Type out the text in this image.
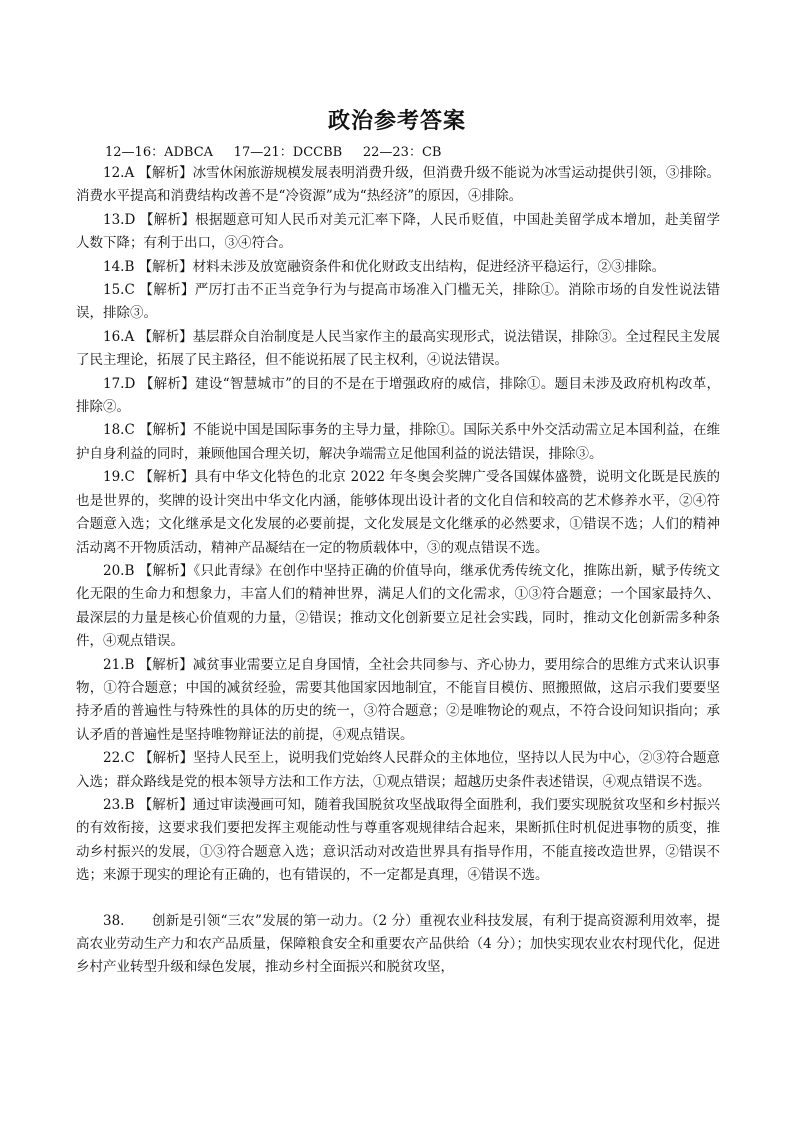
政治参考答案
12—16：ADBCA     17—21：DCCBB     22—23：CB

12.A 【解析】冰雪休闲旅游规模发展表明消费升级，但消费升级不能说为冰雪运动提供引领，③排除。消费水平提高和消费结构改善不是“冷资源”成为“热经济”的原因，④排除。

13.D 【解析】根据题意可知人民币对美元汇率下降，人民币贬值，中国赴美留学成本增加，赴美留学人数下降；有利于出口，③④符合。

14.B 【解析】材料未涉及放宽融资条件和优化财政支出结构，促进经济平稳运行，②③排除。

15.C 【解析】严厉打击不正当竞争行为与提高市场准入门槛无关，排除①。消除市场的自发性说法错误，排除③。

16.A 【解析】基层群众自治制度是人民当家作主的最高实现形式，说法错误，排除③。全过程民主发展了民主理论，拓展了民主路径，但不能说拓展了民主权利，④说法错误。

17.D 【解析】建设“智慧城市”的目的不是在于增强政府的威信，排除①。题目未涉及政府机构改革，排除②。

18.C 【解析】不能说中国是国际事务的主导力量，排除①。国际关系中外交活动需立足本国利益，在维护自身利益的同时，兼顾他国合理关切，解决争端需立足他国利益的说法错误，排除③。

19.C 【解析】具有中华文化特色的北京 2022 年冬奥会奖牌广受各国媒体盛赞，说明文化既是民族的也是世界的，奖牌的设计突出中华文化内涵，能够体现出设计者的文化自信和较高的艺术修养水平，②④符合题意入选；文化继承是文化发展的必要前提，文化发展是文化继承的必然要求，①错误不选；人们的精神活动离不开物质活动，精神产品凝结在一定的物质载体中，③的观点错误不选。

20.B 【解析】《只此青绿》在创作中坚持正确的价值导向，继承优秀传统文化，推陈出新，赋予传统文化无限的生命力和想象力，丰富人们的精神世界，满足人们的文化需求，①③符合题意；一个国家最持久、最深层的力量是核心价值观的力量，②错误；推动文化创新要立足社会实践，同时，推动文化创新需多种条件，④观点错误。

21.B 【解析】减贫事业需要立足自身国情，全社会共同参与、齐心协力，要用综合的思维方式来认识事物，①符合题意；中国的减贫经验，需要其他国家因地制宜，不能盲目模仿、照搬照做，这启示我们要要坚持矛盾的普遍性与特殊性的具体的历史的统一，③符合题意；②是唯物论的观点，不符合设问知识指向；承认矛盾的普遍性是坚持唯物辩证法的前提，④观点错误。

22.C 【解析】坚持人民至上，说明我们党始终人民群众的主体地位，坚持以人民为中心，②③符合题意入选；群众路线是党的根本领导方法和工作方法，①观点错误；超越历史条件表述错误，④观点错误不选。

23.B 【解析】通过审读漫画可知，随着我国脱贫攻坚战取得全面胜利，我们要实现脱贫攻坚和乡村振兴的有效衔接，这要求我们要把发挥主观能动性与尊重客观规律结合起来，果断抓住时机促进事物的质变，推动乡村振兴的发展，①③符合题意入选；意识活动对改造世界具有指导作用，不能直接改造世界，②错误不选；来源于现实的理论有正确的，也有错误的，不一定都是真理，④错误不选。

38.　　创新是引领“三农”发展的第一动力。（2 分）重视农业科技发展，有利于提高资源利用效率，提高农业劳动生产力和农产品质量，保障粮食安全和重要农产品供给（4 分）；加快实现农业农村现代化，促进乡村产业转型升级和绿色发展，推动乡村全面振兴和脱贫攻坚，
